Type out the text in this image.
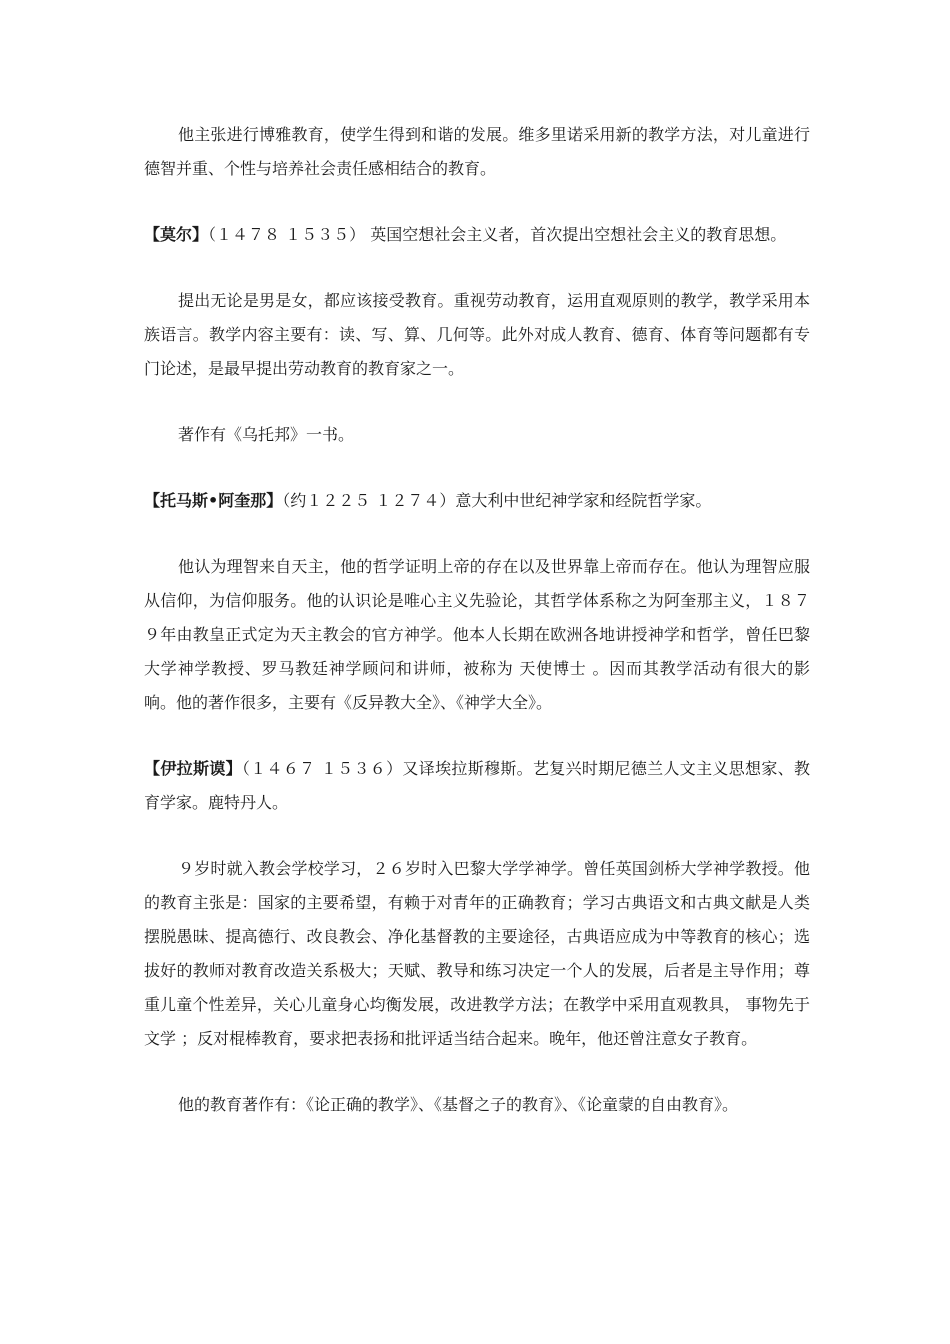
他主张进行博雅教育，使学生得到和谐的发展。维多里诺采用新的教学方法，对儿童进行德智并重、个性与培养社会责任感相结合的教育。

【莫尔】（１４７８ １５３５） 英国空想社会主义者，首次提出空想社会主义的教育思想。

提出无论是男是女，都应该接受教育。重视劳动教育，运用直观原则的教学，教学采用本族语言。教学内容主要有：读、写、算、几何等。此外对成人教育、德育、体育等问题都有专门论述，是最早提出劳动教育的教育家之一。

著作有《乌托邦》一书。

【托马斯•阿奎那】（约１２２５ １２７４）意大利中世纪神学家和经院哲学家。

他认为理智来自天主，他的哲学证明上帝的存在以及世界靠上帝而存在。他认为理智应服从信仰，为信仰服务。他的认识论是唯心主义先验论，其哲学体系称之为阿奎那主义，１８７９年由教皇正式定为天主教会的官方神学。他本人长期在欧洲各地讲授神学和哲学，曾任巴黎大学神学教授、罗马教廷神学顾问和讲师，被称为 天使博士 。因而其教学活动有很大的影响。他的著作很多，主要有《反异教大全》、《神学大全》。

【伊拉斯谟】（１４６７ １５３６）又译埃拉斯穆斯。艺复兴时期尼德兰人文主义思想家、教育学家。鹿特丹人。

９岁时就入教会学校学习，２６岁时入巴黎大学学神学。曾任英国剑桥大学神学教授。他的教育主张是：国家的主要希望，有赖于对青年的正确教育；学习古典语文和古典文献是人类摆脱愚昧、提高德行、改良教会、净化基督教的主要途径，古典语应成为中等教育的核心；选拔好的教师对教育改造关系极大；天赋、教导和练习决定一个人的发展，后者是主导作用；尊重儿童个性差异，关心儿童身心均衡发展，改进教学方法；在教学中采用直观教具， 事物先于文学 ；反对棍棒教育，要求把表扬和批评适当结合起来。晚年，他还曾注意女子教育。

他的教育著作有：《论正确的教学》、《基督之子的教育》、《论童蒙的自由教育》。
